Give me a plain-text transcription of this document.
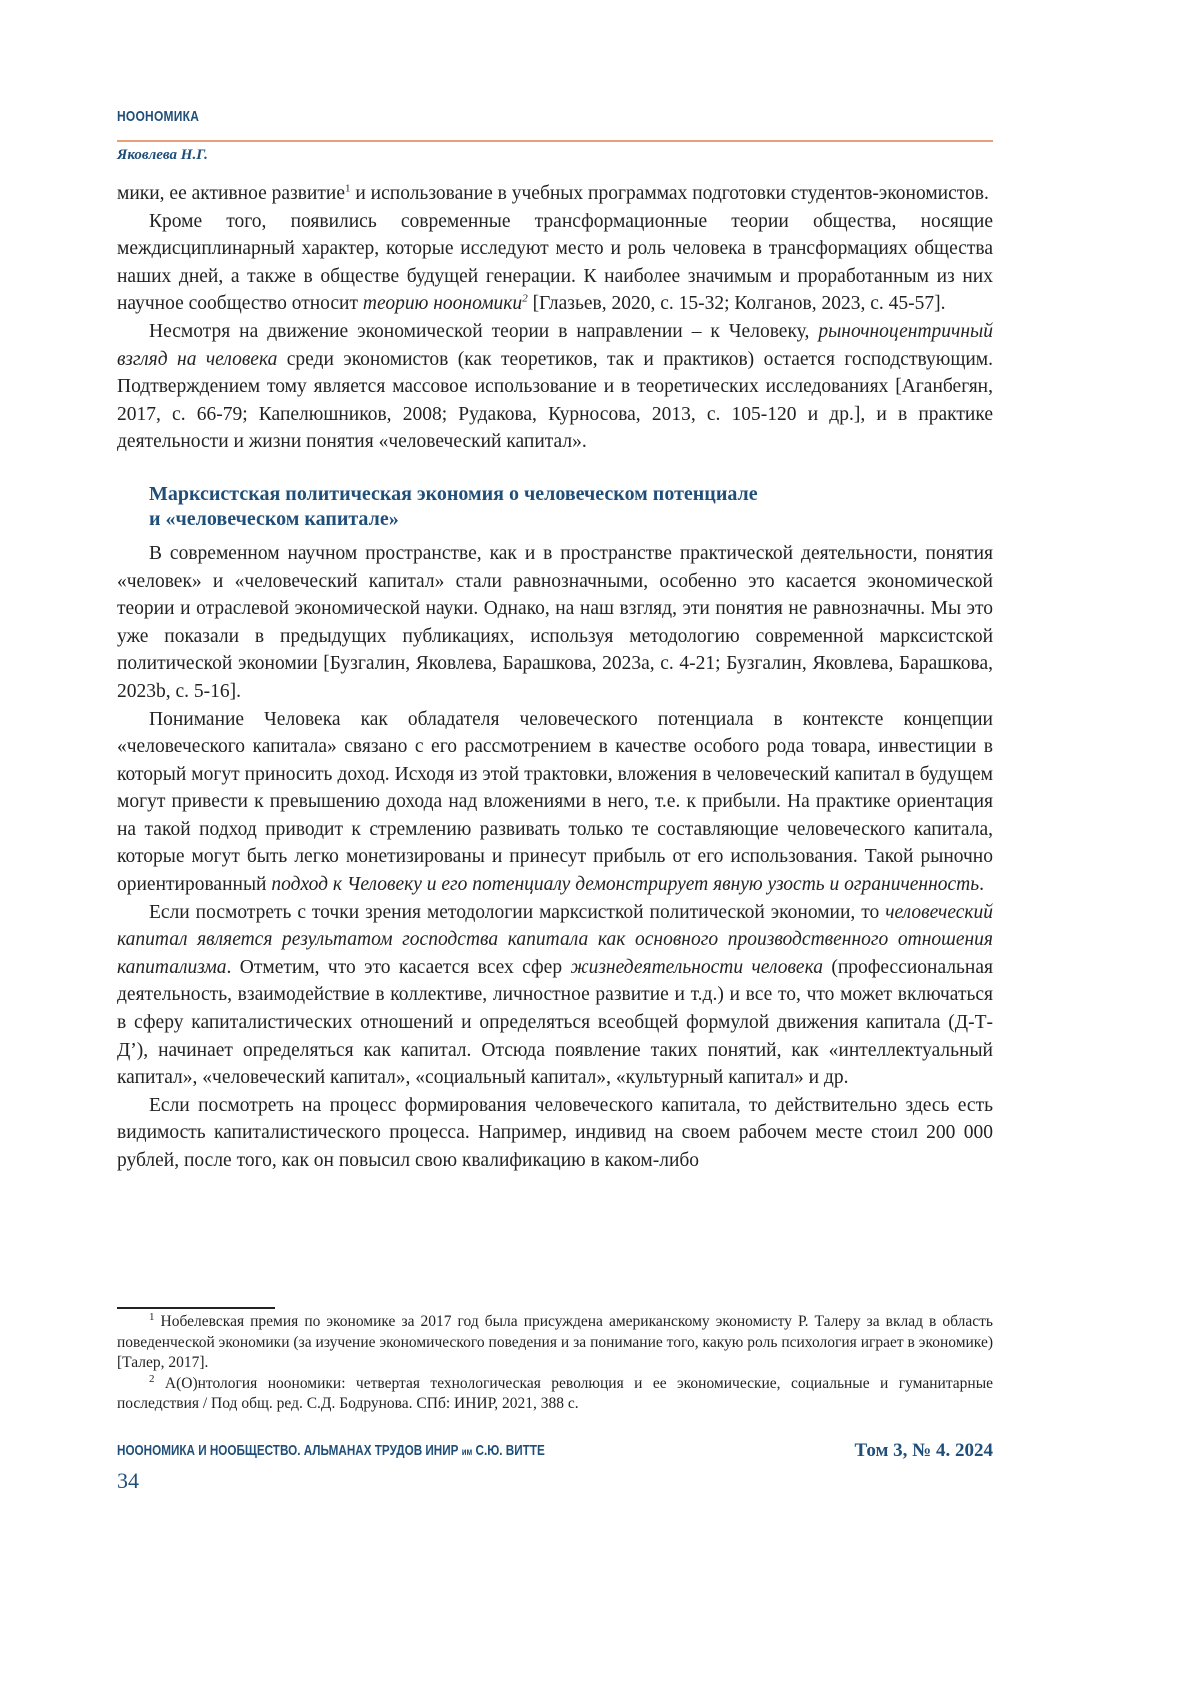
НООНОМИКА
Яковлева Н.Г.

мики, ее активное развитие1 и использование в учебных программах подготовки студентов-экономистов.

Кроме того, появились современные трансформационные теории общества, носящие междисциплинарный характер, которые исследуют место и роль человека в трансформациях общества наших дней, а также в обществе будущей генерации. К наиболее значимым и проработанным из них научное сообщество относит теорию ноономики2 [Глазьев, 2020, с. 15-32; Колганов, 2023, с. 45-57].

Несмотря на движение экономической теории в направлении – к Человеку, рыночноцентричный взгляд на человека среди экономистов (как теоретиков, так и практиков) остается господствующим. Подтверждением тому является массовое использование и в теоретических исследованиях [Аганбегян, 2017, с. 66-79; Капелюшников, 2008; Рудакова, Курносова, 2013, с. 105-120 и др.], и в практике деятельности и жизни понятия «человеческий капитал».

Марксистская политическая экономия о человеческом потенциале
и «человеческом капитале»

В современном научном пространстве, как и в пространстве практической деятельности, понятия «человек» и «человеческий капитал» стали равнозначными, особенно это касается экономической теории и отраслевой экономической науки. Однако, на наш взгляд, эти понятия не равнозначны. Мы это уже показали в предыдущих публикациях, используя методологию современной марксистской политической экономии [Бузгалин, Яковлева, Барашкова, 2023a, с. 4-21; Бузгалин, Яковлева, Барашкова, 2023b, с. 5-16].

Понимание Человека как обладателя человеческого потенциала в контексте концепции «человеческого капитала» связано с его рассмотрением в качестве особого рода товара, инвестиции в который могут приносить доход. Исходя из этой трактовки, вложения в человеческий капитал в будущем могут привести к превышению дохода над вложениями в него, т.е. к прибыли. На практике ориентация на такой подход приводит к стремлению развивать только те составляющие человеческого капитала, которые могут быть легко монетизированы и принесут прибыль от его использования. Такой рыночно ориентированный подход к Человеку и его потенциалу демонстрирует явную узость и ограниченность.

Если посмотреть с точки зрения методологии марксисткой политической экономии, то человеческий капитал является результатом господства капитала как основного производственного отношения капитализма. Отметим, что это касается всех сфер жизнедеятельности человека (профессиональная деятельность, взаимодействие в коллективе, личностное развитие и т.д.) и все то, что может включаться в сферу капиталистических отношений и определяться всеобщей формулой движения капитала (Д-Т-Д’), начинает определяться как капитал. Отсюда появление таких понятий, как «интеллектуальный капитал», «человеческий капитал», «социальный капитал», «культурный капитал» и др.

Если посмотреть на процесс формирования человеческого капитала, то действительно здесь есть видимость капиталистического процесса. Например, индивид на своем рабочем месте стоил 200 000 рублей, после того, как он повысил свою квалификацию в каком-либо

1 Нобелевская премия по экономике за 2017 год была присуждена американскому экономисту Р. Талеру за вклад в область поведенческой экономики (за изучение экономического поведения и за понимание того, какую роль психология играет в экономике) [Талер, 2017].

2 А(О)нтология ноономики: четвертая технологическая революция и ее экономические, социальные и гуманитарные последствия / Под общ. ред. С.Д. Бодрунова. СПб: ИНИР, 2021, 388 с.

НООНОМИКА И НООБЩЕСТВО. АЛЬМАНАХ ТРУДОВ ИНИР им С.Ю. ВИТТЕ	Том 3, № 4. 2024
34
